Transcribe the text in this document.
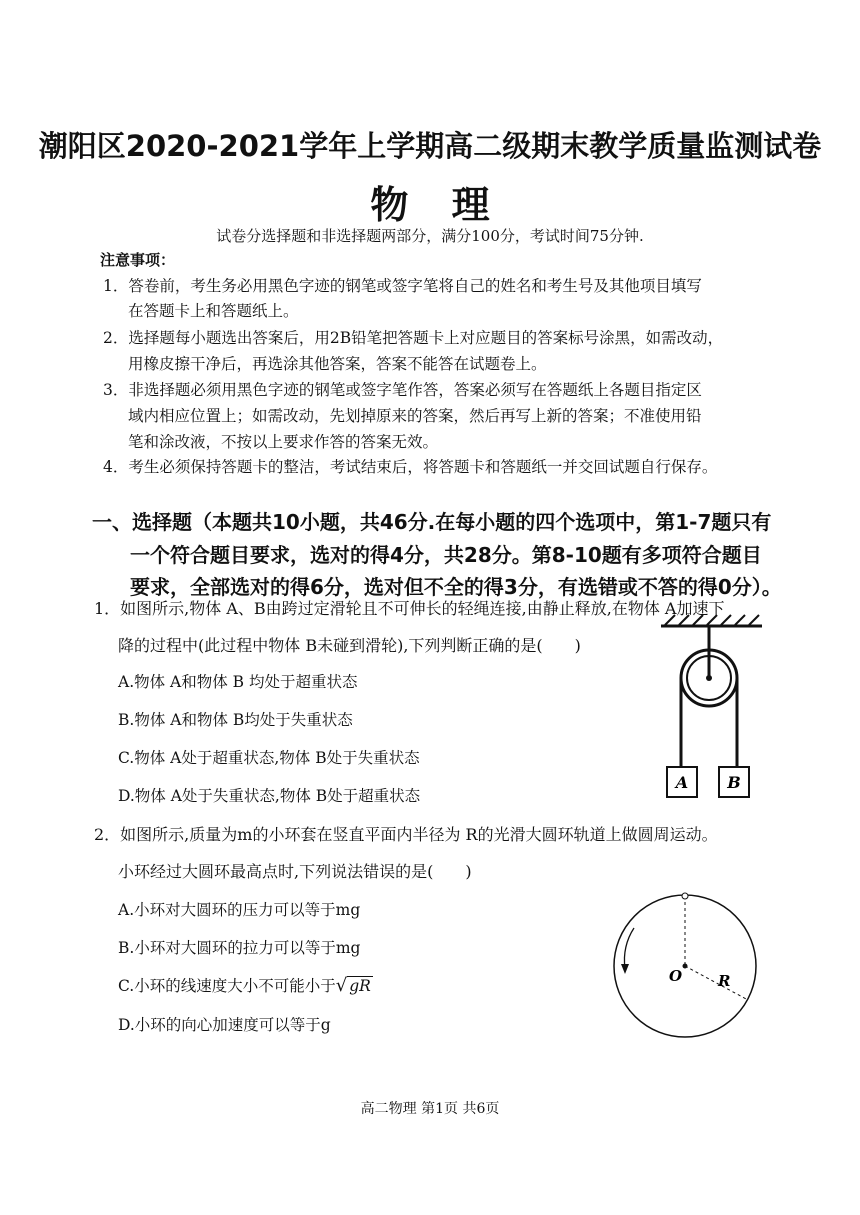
潮阳区2020-2021学年上学期高二级期末教学质量监测试卷
物 理
试卷分选择题和非选择题两部分，满分100分，考试时间75分钟.
注意事项：
1．答卷前，考生务必用黑色字迹的钢笔或签字笔将自己的姓名和考生号及其他项目填写
在答题卡上和答题纸上。
2．选择题每小题选出答案后，用2B铅笔把答题卡上对应题目的答案标号涂黑，如需改动，
用橡皮擦干净后，再选涂其他答案，答案不能答在试题卷上。
3．非选择题必须用黑色字迹的钢笔或签字笔作答，答案必须写在答题纸上各题目指定区
域内相应位置上；如需改动，先划掉原来的答案，然后再写上新的答案；不准使用铅
笔和涂改液，不按以上要求作答的答案无效。
4．考生必须保持答题卡的整洁，考试结束后，将答题卡和答题纸一并交回试题自行保存。
一、选择题（本题共10小题，共46分.在每小题的四个选项中，第1-7题只有
一个符合题目要求，选对的得4分，共28分。第8-10题有多项符合题目
要求，全部选对的得6分，选对但不全的得3分，有选错或不答的得0分）。
1．如图所示,物体 A、B由跨过定滑轮且不可伸长的轻绳连接,由静止释放,在物体 A加速下
降的过程中(此过程中物体 B未碰到滑轮),下列判断正确的是(　　)
A.物体 A和物体 B 均处于超重状态
B.物体 A和物体 B均处于失重状态
C.物体 A处于超重状态,物体 B处于失重状态
D.物体 A处于失重状态,物体 B处于超重状态
A B
2．如图所示,质量为m的小环套在竖直平面内半径为 R的光滑大圆环轨道上做圆周运动。
小环经过大圆环最高点时,下列说法错误的是(　　)
A.小环对大圆环的压力可以等于mg
B.小环对大圆环的拉力可以等于mg
C.小环的线速度大小不可能小于√ gR
D.小环的向心加速度可以等于g
O R
高二物理 第1页 共6页
